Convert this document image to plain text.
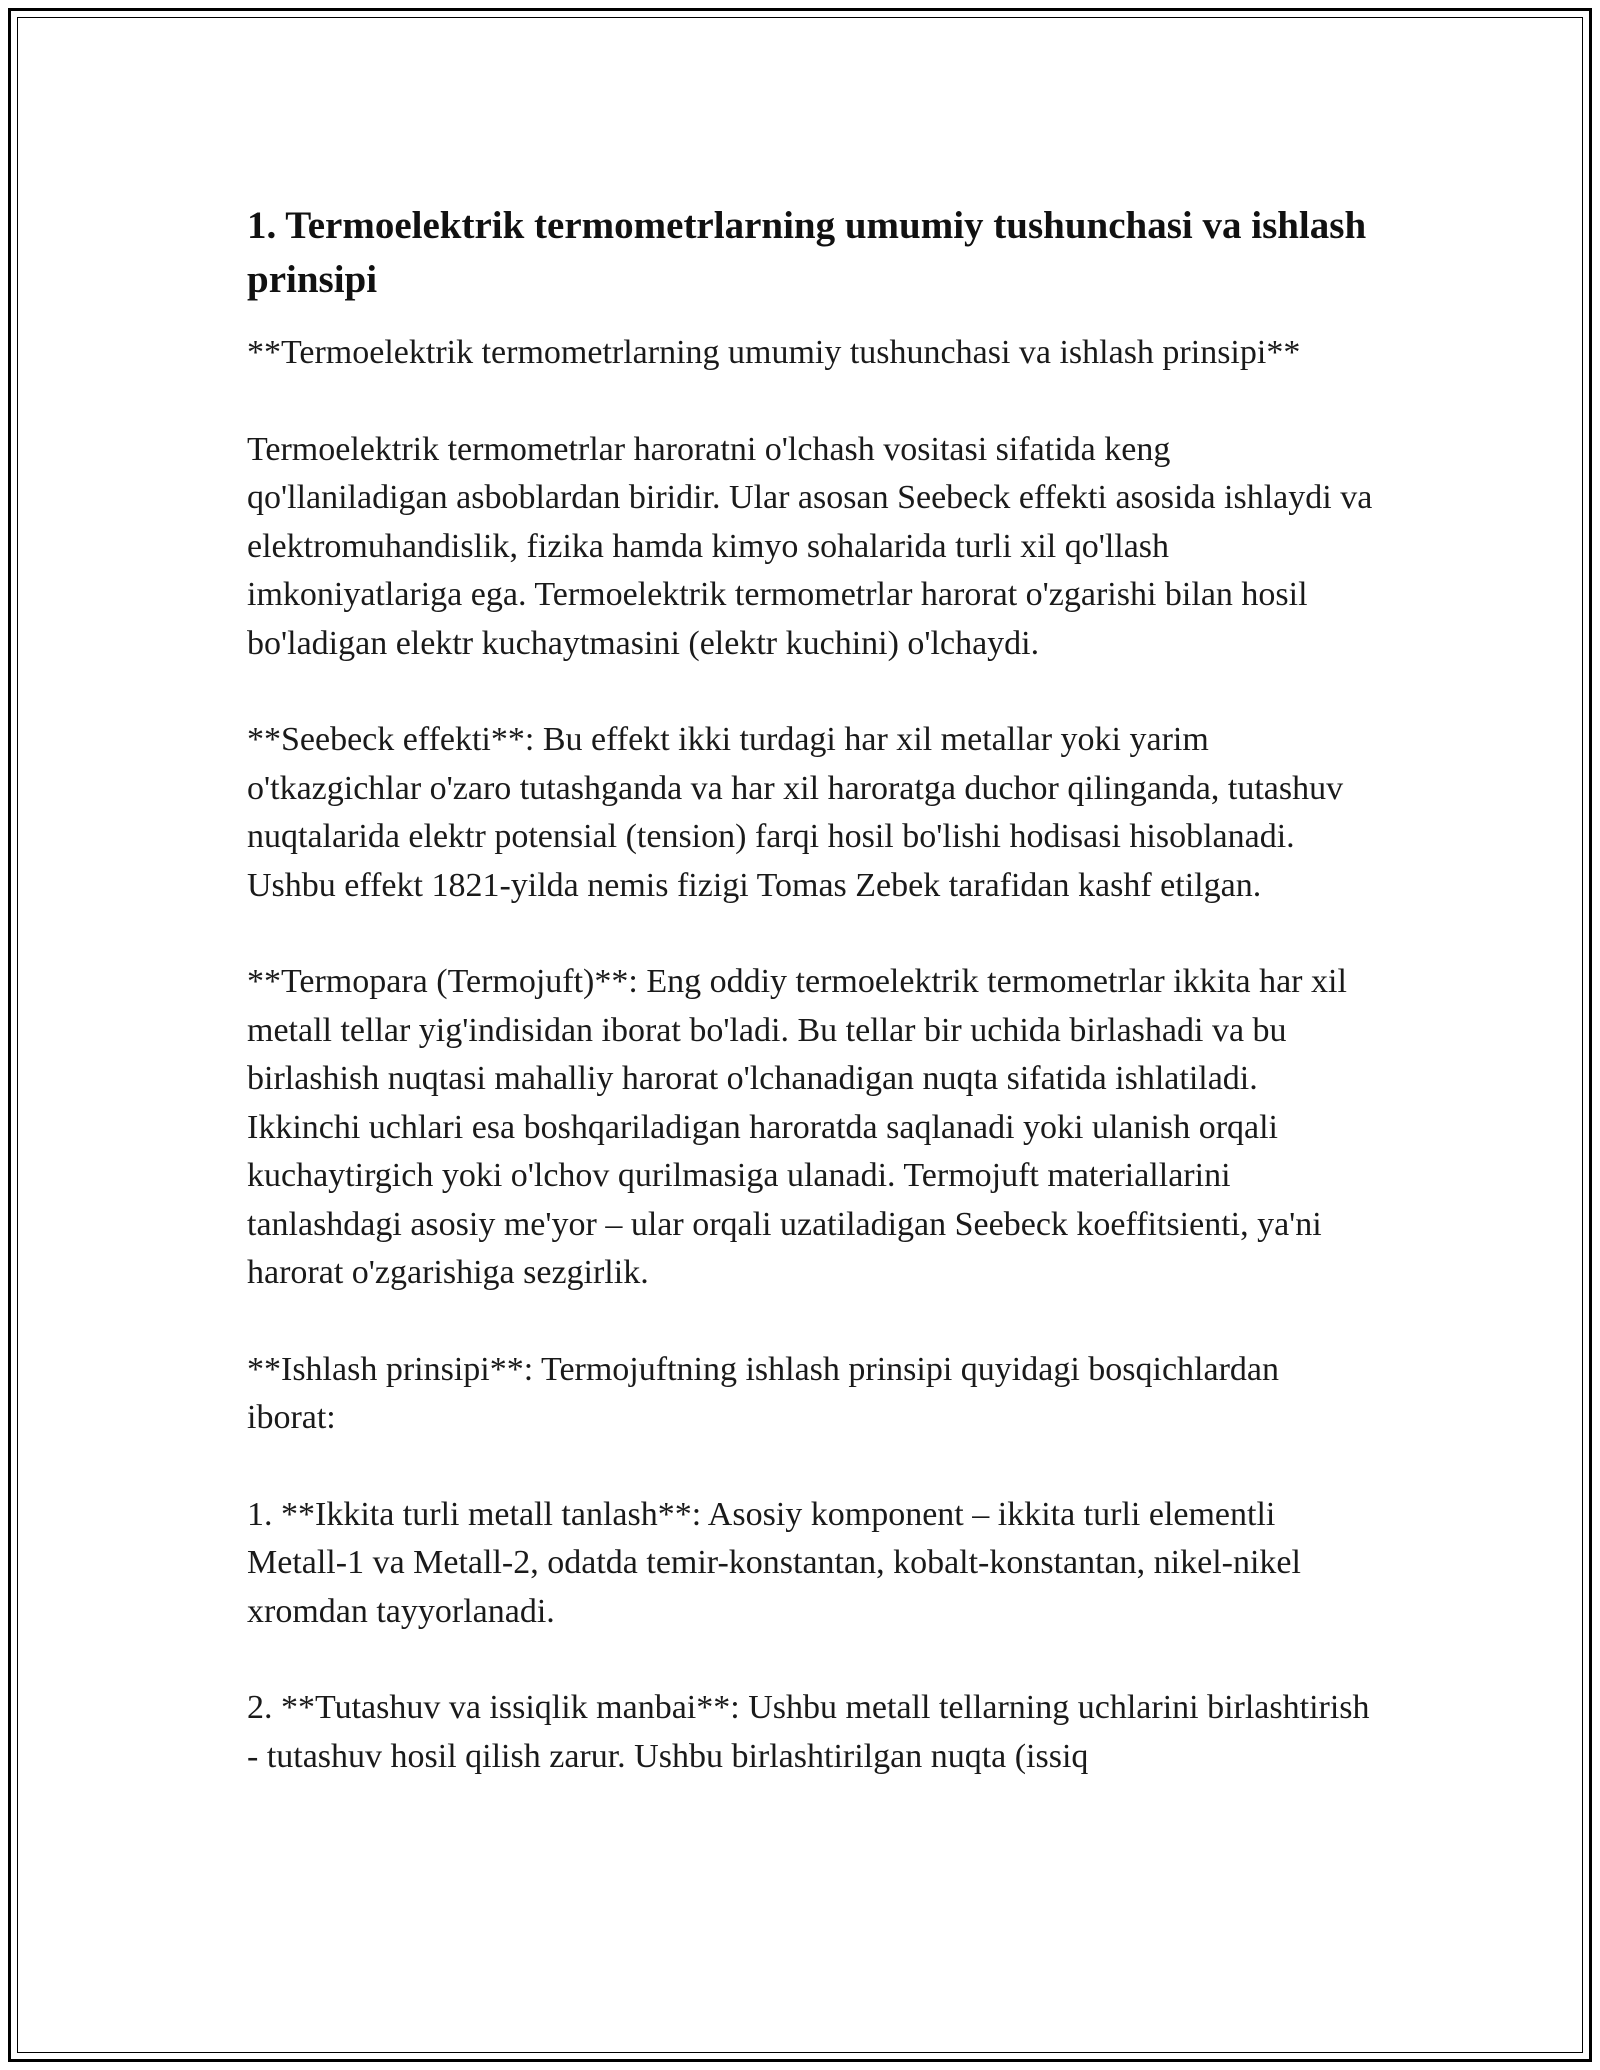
1. Termoelektrik termometrlarning umumiy tushunchasi va ishlash prinsipi

**Termoelektrik termometrlarning umumiy tushunchasi va ishlash prinsipi**

Termoelektrik termometrlar haroratni o'lchash vositasi sifatida keng qo'llaniladigan asboblardan biridir. Ular asosan Seebeck effekti asosida ishlaydi va elektromuhandislik, fizika hamda kimyo sohalarida turli xil qo'llash imkoniyatlariga ega. Termoelektrik termometrlar harorat o'zgarishi bilan hosil bo'ladigan elektr kuchaytmasini (elektr kuchini) o'lchaydi.

**Seebeck effekti**: Bu effekt ikki turdagi har xil metallar yoki yarim o'tkazgichlar o'zaro tutashganda va har xil haroratga duchor qilinganda, tutashuv nuqtalarida elektr potensial (tension) farqi hosil bo'lishi hodisasi hisoblanadi. Ushbu effekt 1821-yilda nemis fizigi Tomas Zebek tarafidan kashf etilgan.

**Termopara (Termojuft)**: Eng oddiy termoelektrik termometrlar ikkita har xil metall tellar yig'indisidan iborat bo'ladi. Bu tellar bir uchida birlashadi va bu birlashish nuqtasi mahalliy harorat o'lchanadigan nuqta sifatida ishlatiladi. Ikkinchi uchlari esa boshqariladigan haroratda saqlanadi yoki ulanish orqali kuchaytirgich yoki o'lchov qurilmasiga ulanadi. Termojuft materiallarini tanlashdagi asosiy me'yor – ular orqali uzatiladigan Seebeck koeffitsienti, ya'ni harorat o'zgarishiga sezgirlik.

**Ishlash prinsipi**: Termojuftning ishlash prinsipi quyidagi bosqichlardan iborat:

1. **Ikkita turli metall tanlash**: Asosiy komponent – ikkita turli elementli Metall-1 va Metall-2, odatda temir-konstantan, kobalt-konstantan, nikel-nikel xromdan tayyorlanadi.

2. **Tutashuv va issiqlik manbai**: Ushbu metall tellarning uchlarini birlashtirish - tutashuv hosil qilish zarur. Ushbu birlashtirilgan nuqta (issiq
